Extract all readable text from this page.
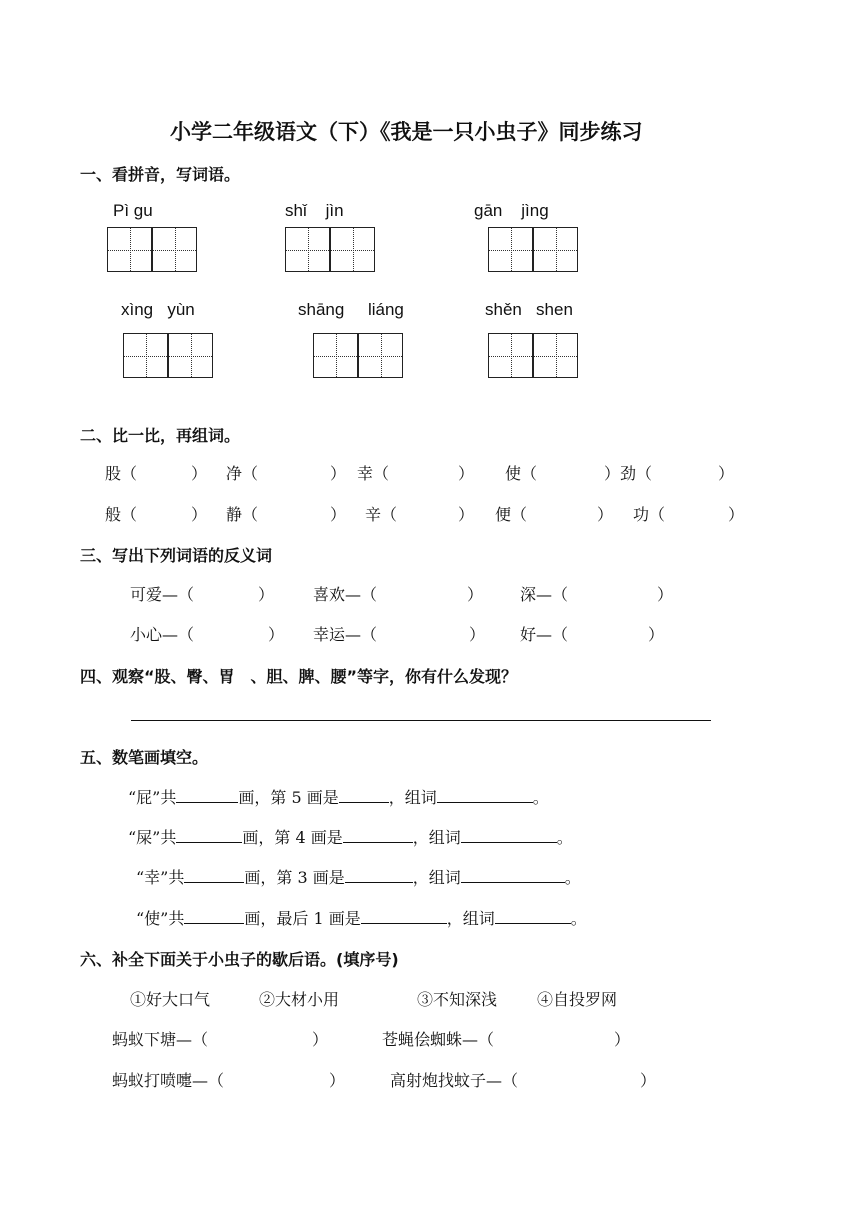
小学二年级语文（下）《我是一只小虫子》同步练习
一、看拼音，写词语。
Pì gu	shǐ jìn	gān jìng
xìng yùn	shāng liáng	shěn shen
二、比一比，再组词。
股（	） 净（	） 幸（	） 使（	）劲（	）
般（	） 静（	） 辛（	） 便（	） 功（	）
三、写出下列词语的反义词
可爱—（	） 喜欢—（	） 深—（	）
小心—（	） 幸运—（	） 好—（	）
四、观察“股、臀、胃　、胆、脾、腰”等字，你有什么发现？
五、数笔画填空。
“屁”共	画，第 5 画是	，组词	。
“屎”共	画，第 4 画是	，组词	。
“幸”共	画，第 3 画是	，组词	。
“使”共	画，最后 1 画是	，组词	。
六、补全下面关于小虫子的歇后语。(填序号)
①好大口气	②大材小用	③不知深浅 ④自投罗网
蚂蚁下塘—（	）	苍蝇侩蜘蛛—（	）
蚂蚁打喷嚏—（	）	高射炮找蚊子—（	）
